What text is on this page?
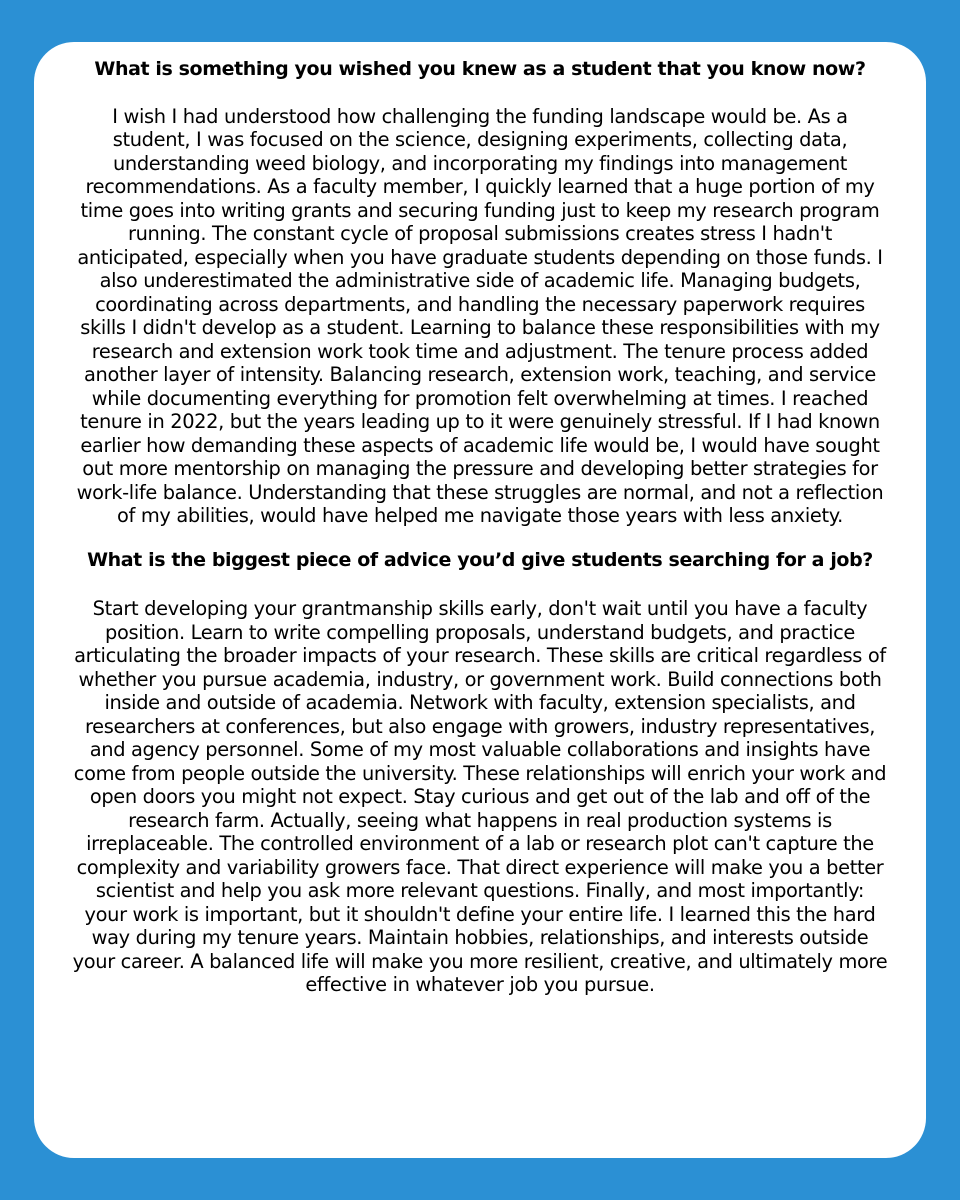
What is something you wished you knew as a student that you know now?

I wish I had understood how challenging the funding landscape would be. As a student, I was focused on the science, designing experiments, collecting data, understanding weed biology, and incorporating my findings into management recommendations. As a faculty member, I quickly learned that a huge portion of my time goes into writing grants and securing funding just to keep my research program running. The constant cycle of proposal submissions creates stress I hadn't anticipated, especially when you have graduate students depending on those funds. I also underestimated the administrative side of academic life. Managing budgets, coordinating across departments, and handling the necessary paperwork requires skills I didn't develop as a student. Learning to balance these responsibilities with my research and extension work took time and adjustment. The tenure process added another layer of intensity. Balancing research, extension work, teaching, and service while documenting everything for promotion felt overwhelming at times. I reached tenure in 2022, but the years leading up to it were genuinely stressful. If I had known earlier how demanding these aspects of academic life would be, I would have sought out more mentorship on managing the pressure and developing better strategies for work-life balance. Understanding that these struggles are normal, and not a reflection of my abilities, would have helped me navigate those years with less anxiety.

What is the biggest piece of advice you’d give students searching for a job?

Start developing your grantmanship skills early, don't wait until you have a faculty position. Learn to write compelling proposals, understand budgets, and practice articulating the broader impacts of your research. These skills are critical regardless of whether you pursue academia, industry, or government work. Build connections both inside and outside of academia. Network with faculty, extension specialists, and researchers at conferences, but also engage with growers, industry representatives, and agency personnel. Some of my most valuable collaborations and insights have come from people outside the university. These relationships will enrich your work and open doors you might not expect. Stay curious and get out of the lab and off of the research farm. Actually, seeing what happens in real production systems is irreplaceable. The controlled environment of a lab or research plot can't capture the complexity and variability growers face. That direct experience will make you a better scientist and help you ask more relevant questions. Finally, and most importantly: your work is important, but it shouldn't define your entire life. I learned this the hard way during my tenure years. Maintain hobbies, relationships, and interests outside your career. A balanced life will make you more resilient, creative, and ultimately more effective in whatever job you pursue.
